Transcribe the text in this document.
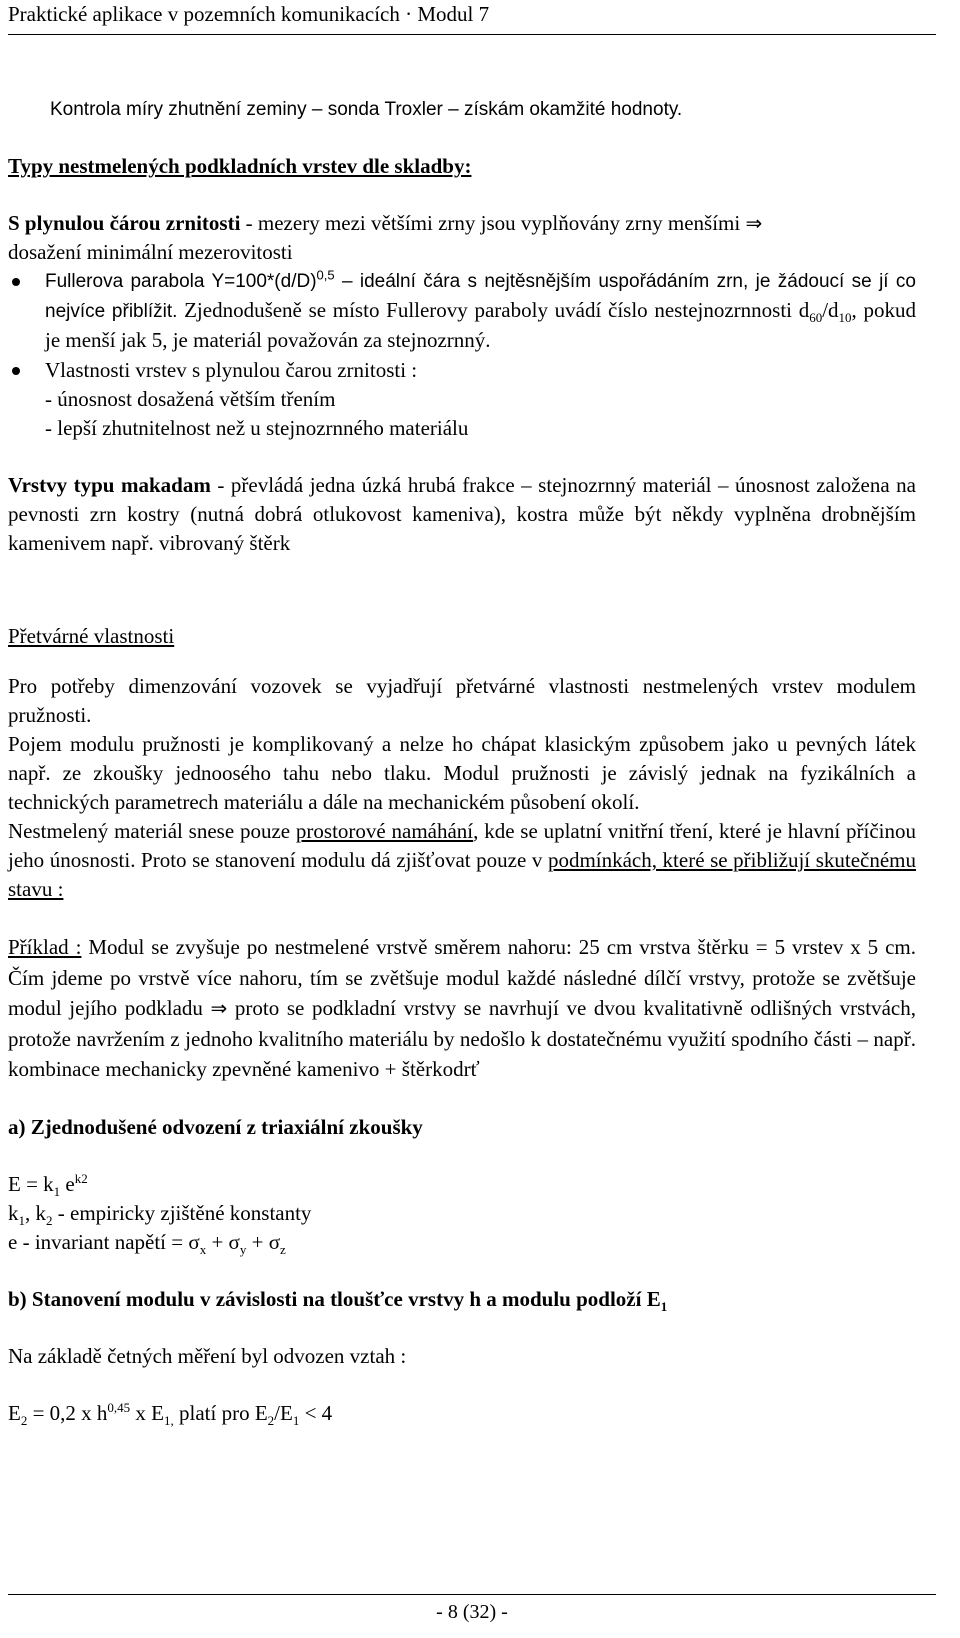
Praktické aplikace v pozemních komunikacích · Modul 7

Kontrola míry zhutnění zeminy – sonda Troxler – získám okamžité hodnoty.

Typy nestmelených podkladních vrstev dle skladby:

S plynulou čárou zrnitosti - mezery mezi většími zrny jsou vyplňovány zrny menšími ⇒
dosažení minimální mezerovitosti

Fullerova parabola $Y=100*(d/D)^{0,5}$ – ideální čára s nejtěsnějším uspořádáním zrn, je žádoucí se jí co nejvíce přiblížit. Zjednodušeně se místo Fullerovy paraboly uvádí číslo nestejnozrnnosti $d_{60}/d_{10}$, pokud je menší jak 5, je materiál považován za stejnozrnný.

Vlastnosti vrstev s plynulou čarou zrnitosti :

- únosnost dosažená větším třením

- lepší zhutnitelnost než u stejnozrnného materiálu

Vrstvy typu makadam - převládá jedna úzká hrubá frakce – stejnozrnný materiál – únosnost založena na pevnosti zrn kostry (nutná dobrá otlukovost kameniva), kostra může být někdy vyplněna drobnějším kamenivem např. vibrovaný štěrk

Přetvárné vlastnosti

Pro potřeby dimenzování vozovek se vyjadřují přetvárné vlastnosti nestmelených vrstev modulem pružnosti.

Pojem modulu pružnosti je komplikovaný a nelze ho chápat klasickým způsobem jako u pevných látek např. ze zkoušky jednoosého tahu nebo tlaku. Modul pružnosti je závislý jednak na fyzikálních a technických parametrech materiálu a dále na mechanickém působení okolí.

Nestmelený materiál snese pouze prostorové namáhání, kde se uplatní vnitřní tření, které je hlavní příčinou jeho únosnosti. Proto se stanovení modulu dá zjišťovat pouze v podmínkách, které se přibližují skutečnému stavu :

Příklad : Modul se zvyšuje po nestmelené vrstvě směrem nahoru: 25 cm vrstva štěrku = 5 vrstev x 5 cm. Čím jdeme po vrstvě více nahoru, tím se zvětšuje modul každé následné dílčí vrstvy, protože se zvětšuje modul jejího podkladu ⇒ proto se podkladní vrstvy se navrhují ve dvou kvalitativně odlišných vrstvách, protože navržením z jednoho kvalitního materiálu by nedošlo k dostatečnému využití spodního části – např. kombinace mechanicky zpevněné kamenivo + štěrkodrť

a) Zjednodušené odvození z triaxiální zkoušky

$E = k_1$ $e^{k2}$

$k_1$, $k_2$ - empiricky zjištěné konstanty

e - invariant napětí = $\sigma_x + \sigma_y + \sigma_z$

b) Stanovení modulu v závislosti na tloušťce vrstvy h a modulu podloží $E_1$

Na základě četných měření byl odvozen vztah :

$E_2 = 0,2$ x $h^{0,45}$ x $E_{1,}$ platí pro $E_2/E_1 < 4$

- 8 (32) -
